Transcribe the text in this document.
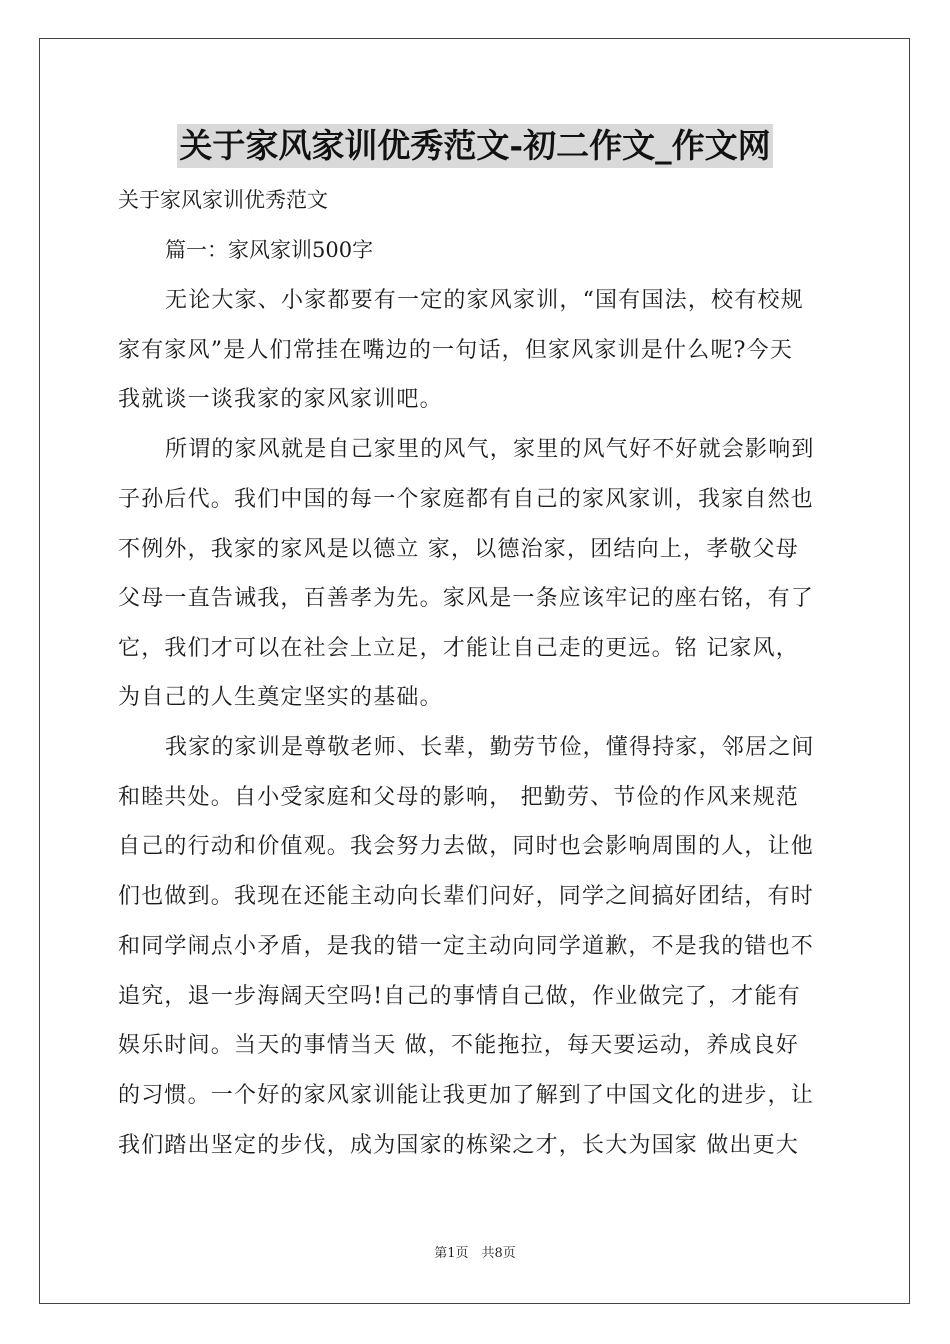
关于家风家训优秀范文-初二作文_作文网
关于家风家训优秀范文
篇一：家风家训500字
无论大家、小家都要有一定的家风家训，“国有国法，校有校规
家有家风”是人们常挂在嘴边的一句话，但家风家训是什么呢?今天
我就谈一谈我家的家风家训吧。
所谓的家风就是自己家里的风气，家里的风气好不好就会影响到
子孙后代。我们中国的每一个家庭都有自己的家风家训，我家自然也
不例外，我家的家风是以德立 家，以德治家，团结向上，孝敬父母
父母一直告诫我，百善孝为先。家风是一条应该牢记的座右铭，有了
它，我们才可以在社会上立足，才能让自己走的更远。铭 记家风，
为自己的人生奠定坚实的基础。
我家的家训是尊敬老师、长辈，勤劳节俭，懂得持家，邻居之间
和睦共处。自小受家庭和父母的影响， 把勤劳、节俭的作风来规范
自己的行动和价值观。我会努力去做，同时也会影响周围的人，让他
们也做到。我现在还能主动向长辈们问好，同学之间搞好团结，有时
和同学闹点小矛盾，是我的错一定主动向同学道歉，不是我的错也不
追究，退一步海阔天空吗!自己的事情自己做，作业做完了，才能有
娱乐时间。当天的事情当天 做，不能拖拉，每天要运动，养成良好
的习惯。一个好的家风家训能让我更加了解到了中国文化的进步，让
我们踏出坚定的步伐，成为国家的栋梁之才，长大为国家 做出更大
第1页　共8页
